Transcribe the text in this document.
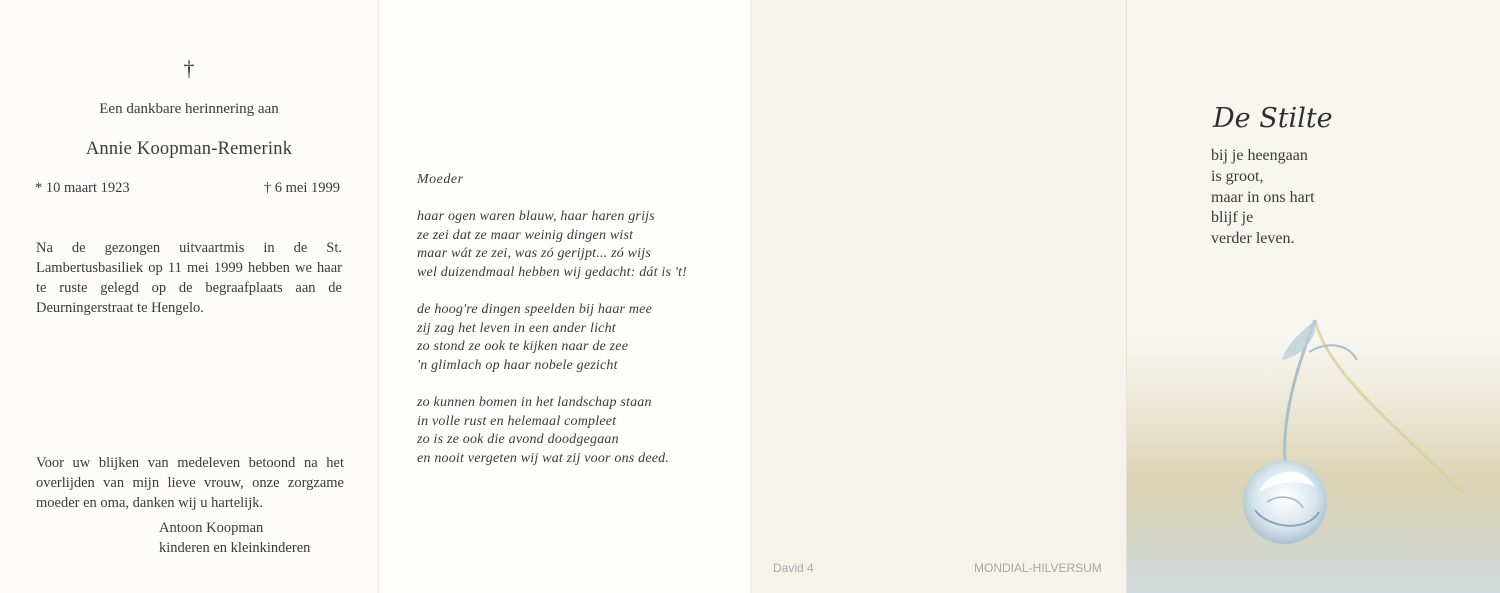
†
Een dankbare herinnering aan
Annie Koopman-Remerink
* 10 maart 1923	† 6 mei 1999
Na de gezongen uitvaartmis in de St. Lambertusbasiliek op 11 mei 1999 hebben we haar te ruste gelegd op de begraafplaats aan de Deurningerstraat te Hengelo.
Voor uw blijken van medeleven betoond na het overlijden van mijn lieve vrouw, onze zorgzame moeder en oma, danken wij u hartelijk.
Antoon Koopman
kinderen en kleinkinderen
Moeder
haar ogen waren blauw, haar haren grijs
ze zei dat ze maar weinig dingen wist
maar wát ze zei, was zó gerijpt... zó wijs
wel duizendmaal hebben wij gedacht: dát is 't!
de hoog're dingen speelden bij haar mee
zij zag het leven in een ander licht
zo stond ze ook te kijken naar de zee
'n glimlach op haar nobele gezicht
zo kunnen bomen in het landschap staan
in volle rust en helemaal compleet
zo is ze ook die avond doodgegaan
en nooit vergeten wij wat zij voor ons deed.
David 4	MONDIAL-HILVERSUM
De Stilte
bij je heengaan
is groot,
maar in ons hart
blijf je
verder leven.
